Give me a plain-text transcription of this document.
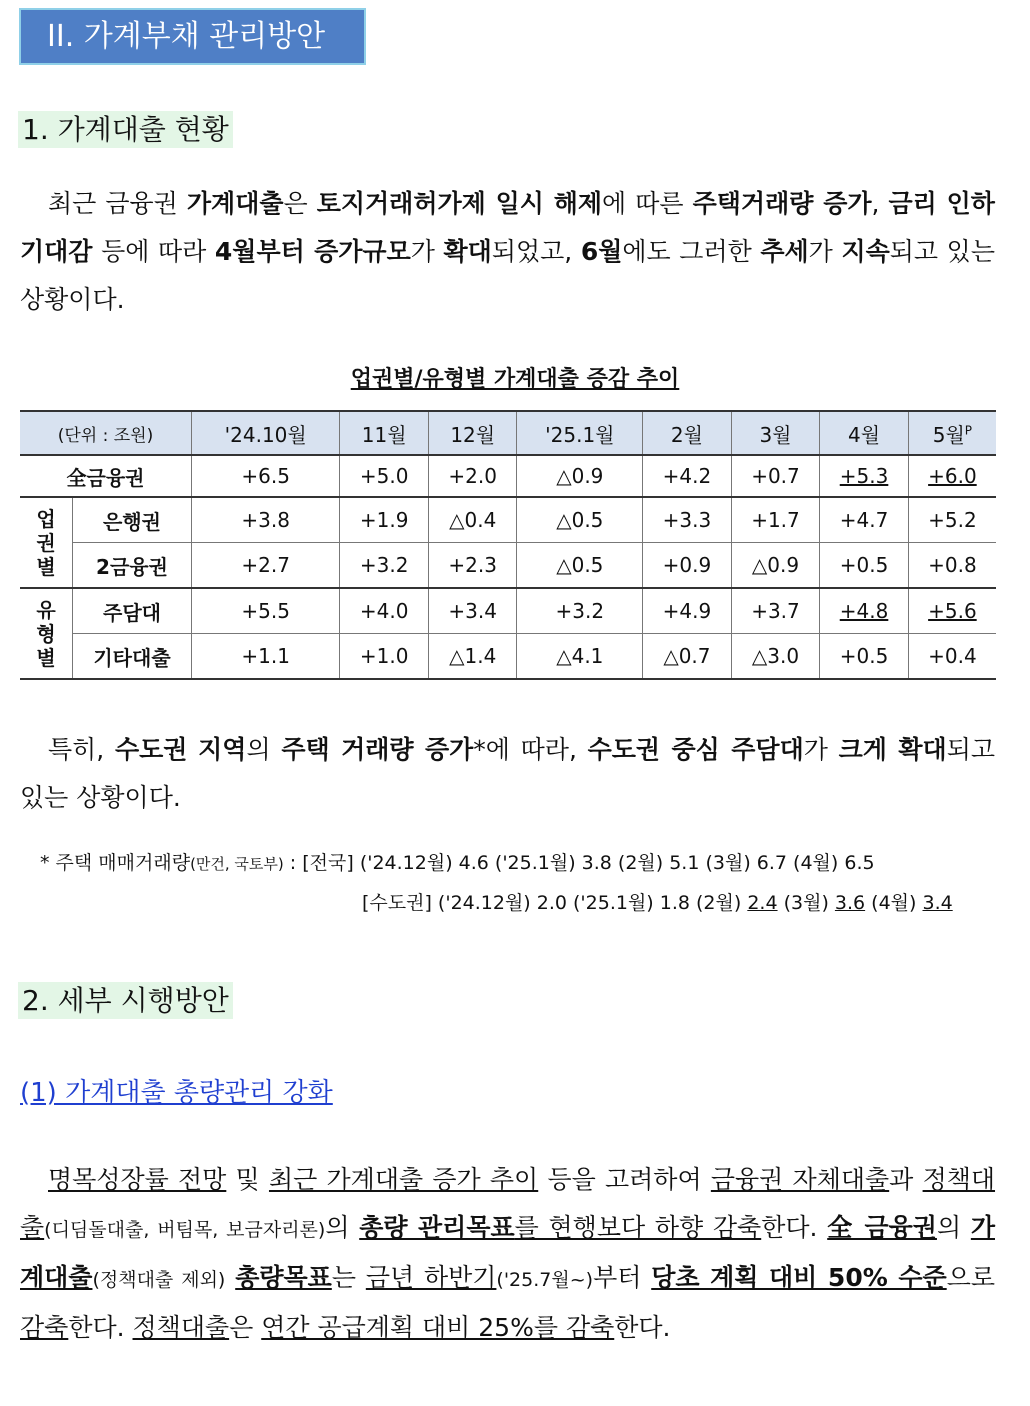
II. 가계부채 관리방안
1. 가계대출 현황

최근 금융권 가계대출은 토지거래허가제 일시 해제에 따른 주택거래량 증가, 금리 인하 기대감 등에 따라 4월부터 증가규모가 확대되었고, 6월에도 그러한 추세가 지속되고 있는 상황이다.

업권별/유형별 가계대출 증감 추이
(단위 : 조원)		'24.10월	11월	12월	'25.1월	2월	3월	4월	5월$^P$
全금융권		+6.5	+5.0	+2.0	△0.9	+4.2	+0.7	+5.3	+6.0
업권별	은행권	+3.8	+1.9	△0.4	△0.5	+3.3	+1.7	+4.7	+5.2
	2금융권	+2.7	+3.2	+2.3	△0.5	+0.9	△0.9	+0.5	+0.8
유형별	주담대	+5.5	+4.0	+3.4	+3.2	+4.9	+3.7	+4.8	+5.6
	기타대출	+1.1	+1.0	△1.4	△4.1	△0.7	△3.0	+0.5	+0.4

특히, 수도권 지역의 주택 거래량 증가*에 따라, 수도권 중심 주담대가 크게 확대되고 있는 상황이다.

* 주택 매매거래량(만건, 국토부) : [전국] ('24.12월) 4.6 ('25.1월) 3.8 (2월) 5.1 (3월) 6.7 (4월) 6.5
[수도권] ('24.12월) 2.0 ('25.1월) 1.8 (2월) 2.4 (3월) 3.6 (4월) 3.4
2. 세부 시행방안
(1) 가계대출 총량관리 강화

명목성장률 전망 및 최근 가계대출 증가 추이 등을 고려하여 금융권 자체대출과 정책대출(디딤돌대출, 버팀목, 보금자리론)의 총량 관리목표를 현행보다 하향 감축한다. 全 금융권의 가계대출(정책대출 제외) 총량목표는 금년 하반기('25.7월~)부터 당초 계획 대비 50% 수준으로 감축한다. 정책대출은 연간 공급계획 대비 25%를 감축한다.
